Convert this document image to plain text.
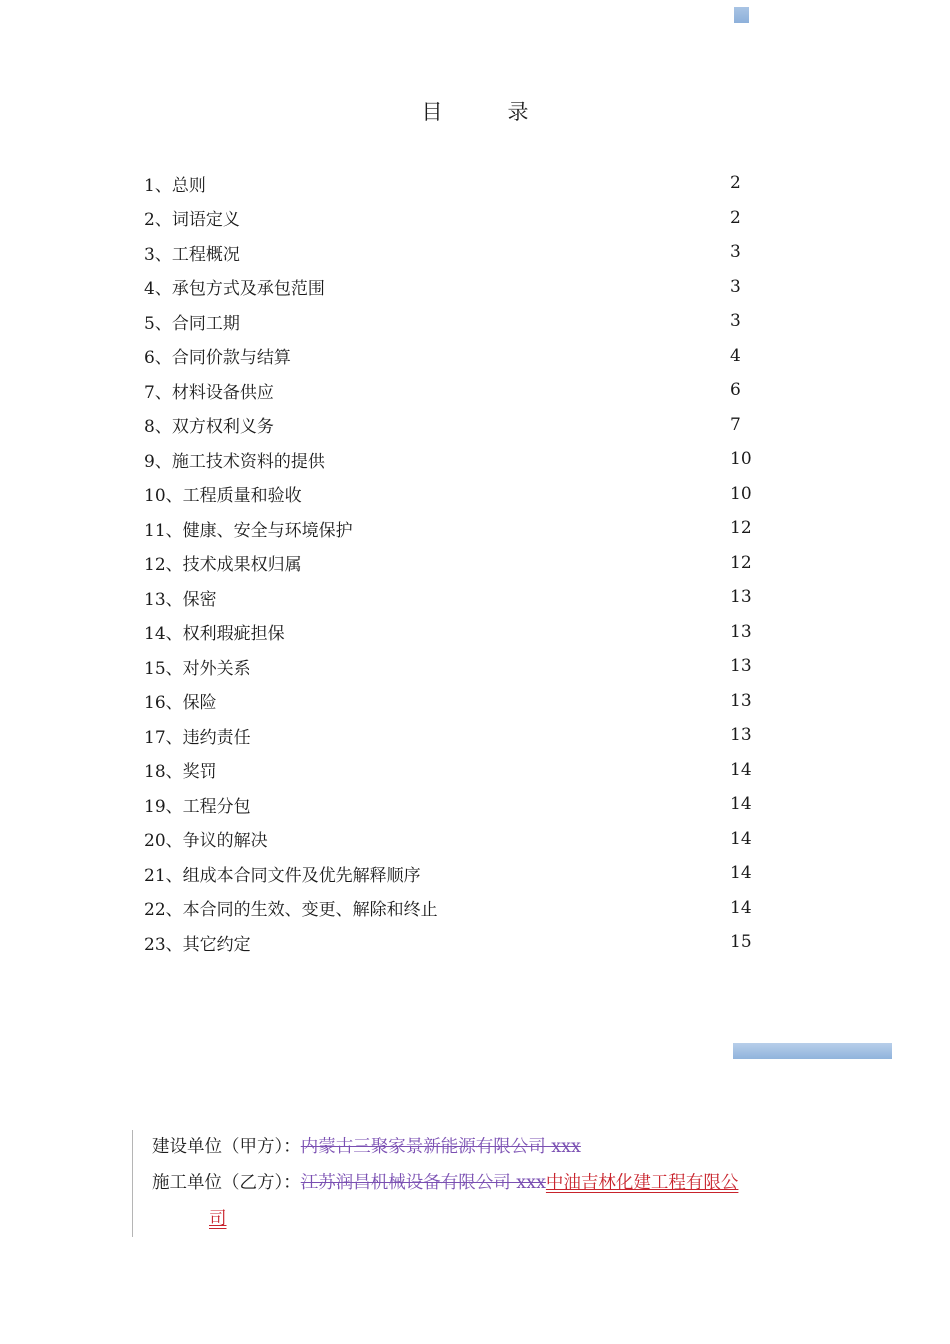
目　录
1、总则	2
2、词语定义	2
3、工程概况	3
4、承包方式及承包范围	3
5、合同工期	3
6、合同价款与结算	4
7、材料设备供应	6
8、双方权利义务	7
9、施工技术资料的提供	10
10、工程质量和验收	10
11、健康、安全与环境保护	12
12、技术成果权归属	12
13、保密	13
14、权利瑕疵担保	13
15、对外关系	13
16、保险	13
17、违约责任	13
18、奖罚	14
19、工程分包	14
20、争议的解决	14
21、组成本合同文件及优先解释顺序	14
22、本合同的生效、变更、解除和终止	14
23、其它约定	15
建设单位（甲方）：内蒙古三聚家景新能源有限公司 xxx
施工单位（乙方）：江苏润昌机械设备有限公司 xxx中油吉林化建工程有限公
司
